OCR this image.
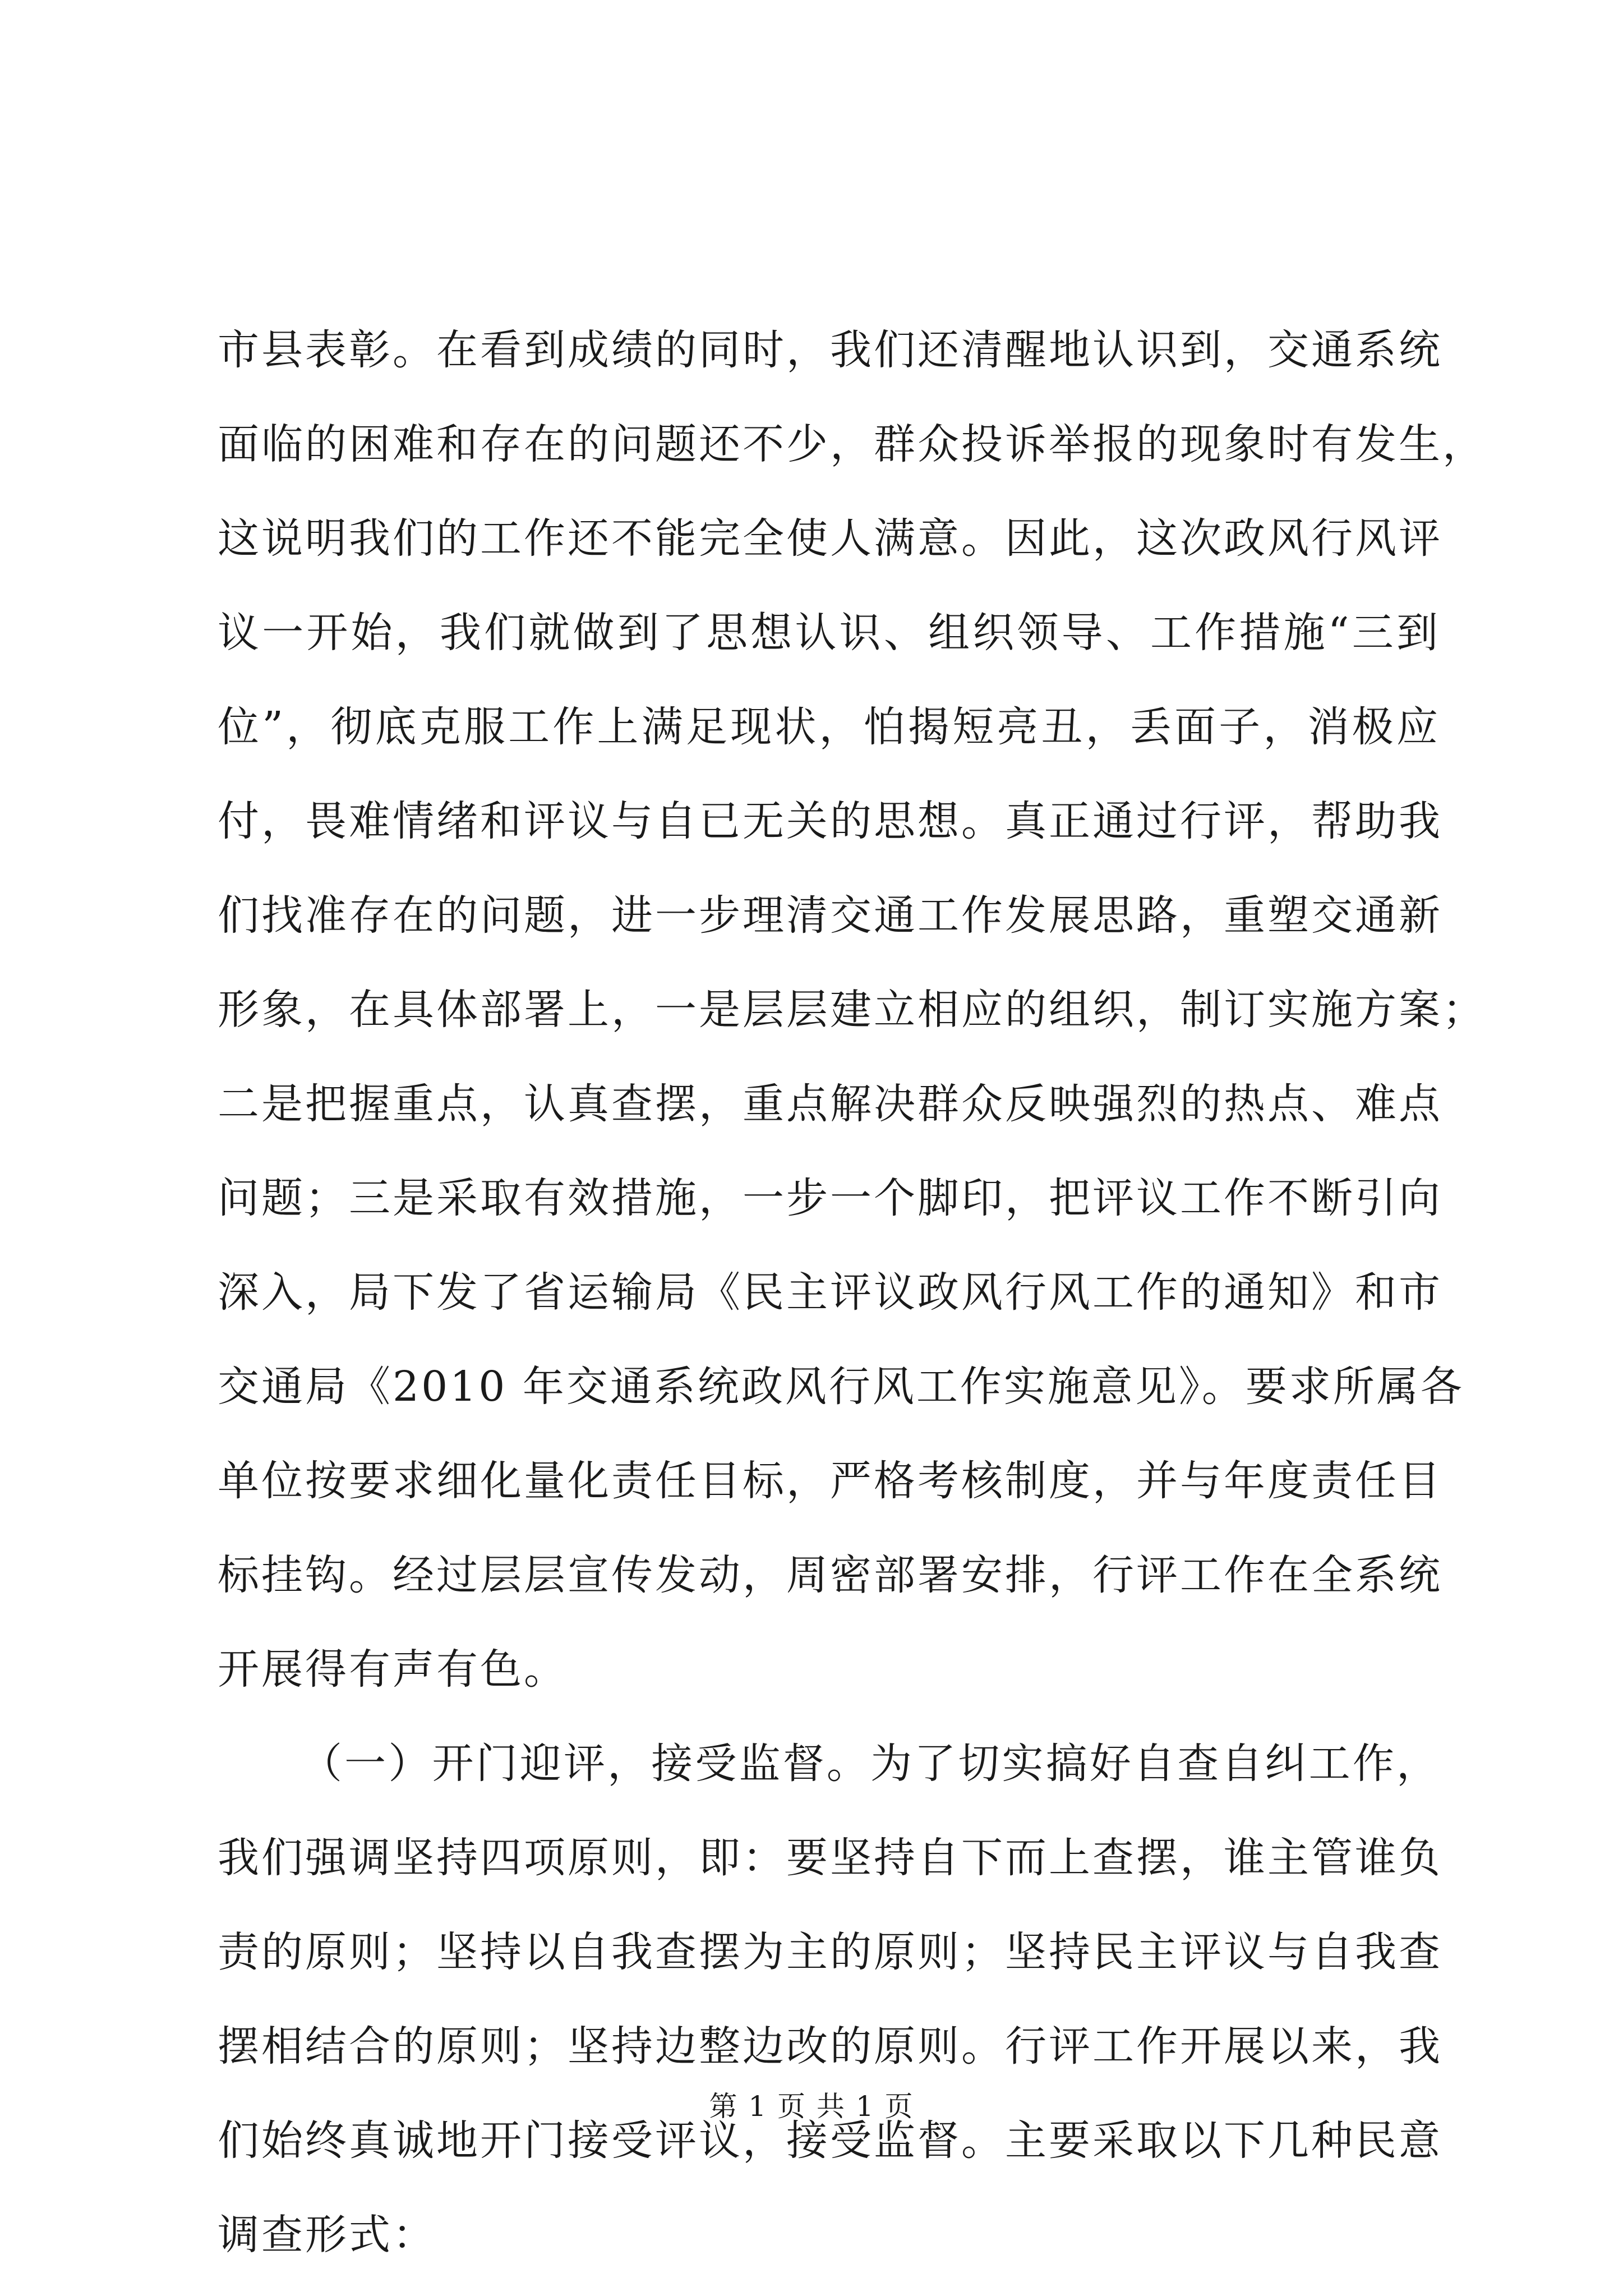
市县表彰。在看到成绩的同时，我们还清醒地认识到，交通系统
面临的困难和存在的问题还不少，群众投诉举报的现象时有发生，
这说明我们的工作还不能完全使人满意。因此，这次政风行风评
议一开始，我们就做到了思想认识、组织领导、工作措施“三到
位”，彻底克服工作上满足现状，怕揭短亮丑，丢面子，消极应
付，畏难情绪和评议与自已无关的思想。真正通过行评，帮助我
们找准存在的问题，进一步理清交通工作发展思路，重塑交通新
形象，在具体部署上，一是层层建立相应的组织，制订实施方案；
二是把握重点，认真查摆，重点解决群众反映强烈的热点、难点
问题；三是采取有效措施，一步一个脚印，把评议工作不断引向
深入，局下发了省运输局《民主评议政风行风工作的通知》和市
交通局《2010 年交通系统政风行风工作实施意见》。要求所属各
单位按要求细化量化责任目标，严格考核制度，并与年度责任目
标挂钩。经过层层宣传发动，周密部署安排，行评工作在全系统
开展得有声有色。
（一）开门迎评，接受监督。为了切实搞好自查自纠工作，
我们强调坚持四项原则，即：要坚持自下而上查摆，谁主管谁负
责的原则；坚持以自我查摆为主的原则；坚持民主评议与自我查
摆相结合的原则；坚持边整边改的原则。行评工作开展以来，我
们始终真诚地开门接受评议，接受监督。主要采取以下几种民意
调查形式：
第 1 页 共 1 页
